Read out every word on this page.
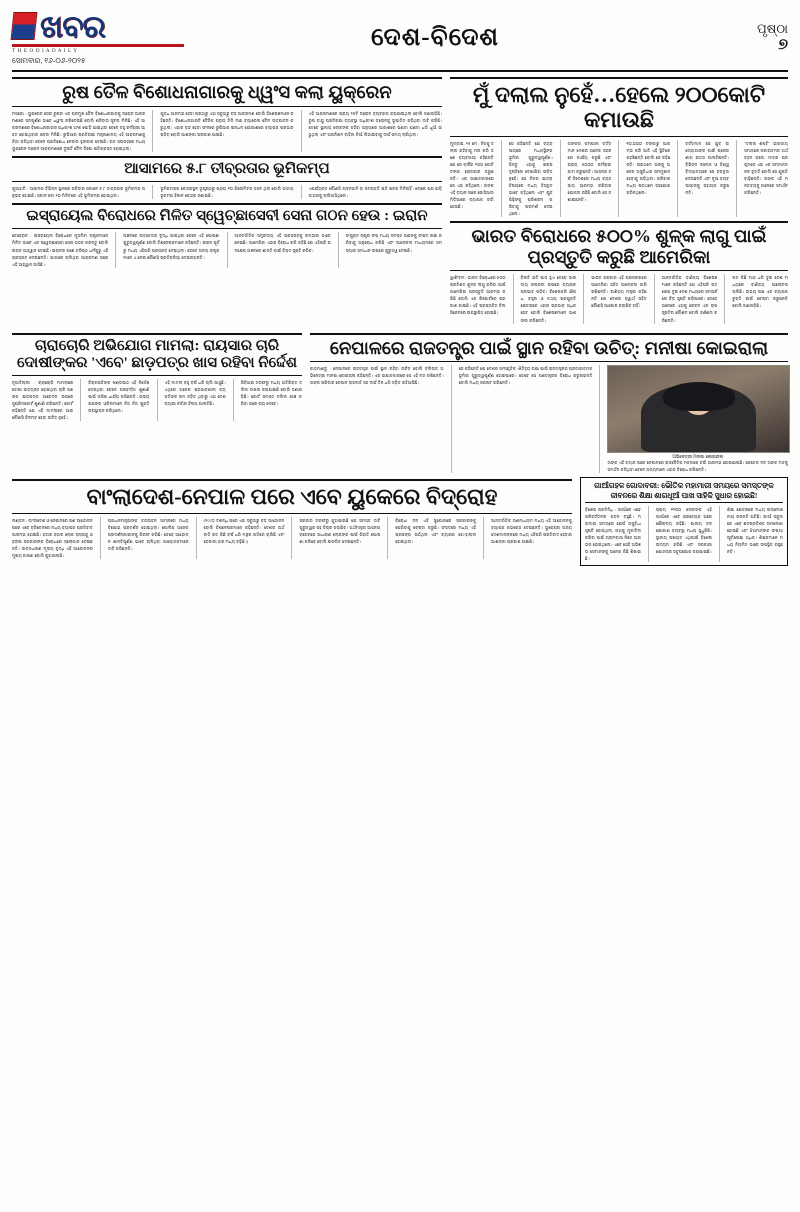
ଖବର
T H E O D I A D A I L Y
ସୋମବାର, ୧୬-୦୬-୨୦୨୫
ଦେଶ-ବିଦେଶ	ପୃଷ୍ଠା
୭
ରୁଷ ତୈଳ ବିଶୋଧନାଗାରକୁ ଧ୍ୱଂସ କଲା ୟୁକ୍ରେନ
ମସ୍କୋ : ୟୁକ୍ରେନ ସେନା ରୁଷର ଏକ ପ୍ରମୁଖ ତୈଳ ବିଶୋଧନାଗାରକୁ ଡ୍ରୋନ ଆକ୍ରମଣରେ ସମ୍ପୂର୍ଣ୍ଣ ଭାବେ ଧ୍ୱଂସ କରିଦେଇଛି ବୋଲି ଶନିବାର ସୂଚନା ମିଳିଛି। ଏହି ଆକ୍ରମଣରେ ବିଶୋଧନାଗାରର ଅଧିକାଂଶ ଅଂଶ ପୋଡ଼ି ଯାଇଥିବା ବେଳେ ବହୁ କର୍ମଚାରୀ ଆହତ ହୋଇଥିବାର ଖବର ମିଳିଛି। ରୁଷିଆର ପ୍ରତିରକ୍ଷା ମନ୍ତ୍ରଣାଳୟ ଏହି ଆକ୍ରମଣକୁ ନିନ୍ଦା କରିଥିବା ବେଳେ ପ୍ରତିଶୋଧ ନେବାର ହୁଙ୍କାର ଦେଇଛି। ଗତ ସପ୍ତାହରେ ମଧ୍ୟ ୟୁକ୍ରେନ ଡ୍ରୋନ ଆକ୍ରମଣରେ ଦୁଇଟି ତୈଳ ଡିପୋ କ୍ଷତିଗ୍ରସ୍ତ ହୋଇଥିଲା।
ଯୁଦ୍ଧ ଆରମ୍ଭ ହେବା ପରଠାରୁ ଏହା ସବୁଠାରୁ ବଡ଼ ଆକ୍ରମଣ ବୋଲି ବିଶେଷଜ୍ଞମାନେ କହିଛନ୍ତି। ବିଶୋଧନାଗାରଟି ଦୈନିକ ପ୍ରାୟ ତିନି ଲକ୍ଷ ବ୍ୟାରେଲ ତୈଳ ଉତ୍ପାଦନ କରୁଥିଲା। ଏହାର ବନ୍ଦ ହେବା ଫଳରେ ରୁଷିଆର ଇନ୍ଧନ ଯୋଗାଣରେ ବ୍ୟାପକ ପ୍ରଭାବ ପଡ଼ିବ ବୋଲି ଆଶଙ୍କା ପ୍ରକାଶ ପାଇଛି।
ଏହି ଆକ୍ରମଣରେ ପ୍ରାୟ ୨୫ଟି ଡ୍ରୋନ ବ୍ୟବହାର କରାଯାଇଥିଲା ବୋଲି ଜଣାପଡ଼ିଛି। ରୁଷ ବାୟୁ ପ୍ରତିରକ୍ଷା ବ୍ୟବସ୍ଥା ଅଧିକାଂଶ ଡ୍ରୋନକୁ ଭୂପାତିତ କରିଥିବା ଦାବି କରିଛି। ତେବେ ସ୍ଥାନୀୟ ଲୋକଙ୍କ କହିବା ଅନୁସାରେ ଆକାଶରେ ଘଣ୍ଟା ଘଣ୍ଟା ଧରି ଧୂଆଁ ଉଠୁଥିଲା ଏବଂ ଅଗ୍ନିଶମ ବାହିନୀ ନିଆଁ ଲିଭାଇବାକୁ ଦୀର୍ଘ ସମୟ ଲାଗିଥିଲା।
ଆସାମରେ ୫.୮ ତୀବ୍ରତାର ଭୂମିକମ୍ପ
ଗୁଆହାଟି : ଆସାମର ବିଭିନ୍ନ ସ୍ଥାନରେ ରବିବାର ସକାଳେ ୫.୮ ତୀବ୍ରତାର ଭୂମିକମ୍ପ ଅନୁଭବ ହୋଇଛି। ସକାଳ ୭ଟା ୨୦ ମିନିଟରେ ଏହି ଭୂମିକମ୍ପ ହୋଇଥିଲା।
ଭୂମିକମ୍ପର କେନ୍ଦ୍ରସ୍ଥଳ ଭୂପୃଷ୍ଠରୁ ପ୍ରାୟ ୧୦ କିଲୋମିଟର ତଳେ ଥିଲା ବୋଲି ଜାତୀୟ ଭୂକମ୍ପ ବିଜ୍ଞାନ କେନ୍ଦ୍ର ଜଣାଇଛି।
ଏପର୍ଯ୍ୟନ୍ତ କୌଣସି ଜୀବନହାନି ବା ସମ୍ପତ୍ତି କ୍ଷତି ଖବର ମିଳିନାହିଁ। ଲୋକେ ଘର ଛାଡ଼ି ବାହାରକୁ ଚାଲିଆସିଥିଲେ।
ଇସ୍ରାୟେଲ ବିରୋଧରେ ମିଳିତ ସ୍ୱେଚ୍ଛାସେବୀ ସେନା ଗଠନ ହେଉ : ଇରାନ
ତେହେରାନ : ଇସ୍ରାୟେଲ ବିରୋଧରେ ମୁସଲିମ ରାଷ୍ଟ୍ରମାନେ ମିଳିତ ଭାବେ ଏକ ସ୍ୱେଚ୍ଛାସେବୀ ସେନା ଗଠନ କରନ୍ତୁ ବୋଲି ଇରାନ ଆହ୍ୱାନ ଦେଇଛି। ଇରାନର ଜଣେ ବରିଷ୍ଠ ଧର୍ମଗୁରୁ ଏହି ପ୍ରସ୍ତାବ ଦେଇଛନ୍ତି। ଗାଜାରେ ଚାଲିଥିବା ଆକ୍ରମଣ ପରେ ଏହି ଆହ୍ୱାନ ଆସିଛି।
ଅଞ୍ଚଳରେ ଉତ୍ତେଜନା ବୃଦ୍ଧି ପାଇଥିବା ବେଳେ ଏହି ଘୋଷଣା ଗୁରୁତ୍ୱପୂର୍ଣ୍ଣ ବୋଲି ବିଶ୍ଳେଷକମାନେ କହିଛନ୍ତି। ଇରାନ ପୂର୍ବରୁ ମଧ୍ୟ ଏହିପରି ପ୍ରସ୍ତାବ ଦେଇଥିଲା। ତେବେ ଅନ୍ୟ ରାଷ୍ଟ୍ରମାନେ ଏ ନେଇ କୌଣସି ପ୍ରତିକ୍ରିୟା ଦେଇନାହାନ୍ତି।
ଆନ୍ତର୍ଜାତିକ ସମ୍ପ୍ରଦାୟ ଏହି ପ୍ରସ୍ତାବକୁ ଗମ୍ଭୀର ଭାବେ ନେଇଛି। ଆମେରିକା ଏହାର ବିରୋଧ କରି କହିଛି ଯେ ଏହିପରି ପଦକ୍ଷେପ ଅଞ୍ଚଳରେ ଶାନ୍ତି ପାଇଁ ବିପଦ ସୃଷ୍ଟି କରିବ।
ସଂଯୁକ୍ତ ରାଷ୍ଟ୍ର ସଂଘ ମଧ୍ୟ ସମସ୍ତ ପକ୍ଷଙ୍କୁ ସଂଯମ ରକ୍ଷା କରିବାକୁ ଅନୁରୋଧ କରିଛି ଏବଂ ଆଲୋଚନା ମାଧ୍ୟମରେ ସମସ୍ୟାର ସମାଧାନ ଉପରେ ଗୁରୁତ୍ୱ ଦେଇଛି।
ମୁଁ ଦଲାଲ ନୁହେଁ…ହେଲେ ୨୦୦କୋଟି କମାଉଛି
ମୁମ୍ବାଇ, ୨୫ ମେ : ନିଜକୁ ଦଲାଲ କହିବାକୁ ମନା କରି ଜଣେ ବ୍ୟବସାୟୀ କହିଛନ୍ତି ଯେ ସେ ବାର୍ଷିକ ୨୦୦ କୋଟି ଟଙ୍କା ରୋଜଗାର କରୁଛନ୍ତି। ଏକ ସାକ୍ଷାତକାରରେ ସେ ଏହା କହିଥିଲେ। ତାଙ୍କ ଏହି ବୟାନ ପରେ ସୋସିଆଲ ମିଡ଼ିଆରେ ବ୍ୟାପକ ଚର୍ଚ୍ଚା ହେଉଛି।
ସେ କହିଛନ୍ତି ଯେ ବ୍ୟବସାୟରେ ମଧ୍ୟସ୍ଥିଙ୍କ ଭୂମିକା ଗୁରୁତ୍ୱପୂର୍ଣ୍ଣ। କିନ୍ତୁ ଏହାକୁ ଖରାପ ଦୃଷ୍ଟିରେ ଦେଖାଯିବା ଉଚିତ ନୁହେଁ। ସେ ନିଜର ଯାତ୍ରା ବିଷୟରେ ମଧ୍ୟ ବିସ୍ତୃତ ଭାବେ କହିଥିଲେ ଏବଂ ଯୁବପିଢ଼ିଙ୍କୁ ପରିଶ୍ରମ କରିବାକୁ ପରାମର୍ଶ ଦେଇଥିଲେ।
ତାଙ୍କର କମ୍ପାନୀ ବର୍ତ୍ତମାନ ଦେଶର ଅନେକ ସହରରେ କାର୍ଯ୍ୟ କରୁଛି ଏବଂ ପ୍ରାୟ ୫୦୦୦ କର୍ମଚାରୀ କାମ କରୁଛନ୍ତି। ଆସନ୍ତା ବର୍ଷ ବିଦେଶରେ ମଧ୍ୟ ବ୍ୟବସାୟ ଆରମ୍ଭ କରିବାର ଯୋଜନା ରହିଛି ବୋଲି ସେ ଜଣାଇଛନ୍ତି।
୧୦,୦୦୦ ଟଙ୍କାରୁ ଆରମ୍ଭ କରି ଆଜି ଏହି ସ୍ଥିତିରେ ପହଞ୍ଚିଛନ୍ତି ବୋଲି ସେ କହିଛନ୍ତି। ପ୍ରଥମେ ତାଙ୍କୁ ଅନେକ ଅସୁବିଧାର ସମ୍ମୁଖୀନ ହେବାକୁ ପଡ଼ିଥିଲା। ପରିବାର ମଧ୍ୟ ପ୍ରଥମେ ସହଯୋଗ କରିନଥିଲେ।
ବର୍ତ୍ତମାନ ସେ ଯୁବ ଉଦ୍ୟୋଗୀଙ୍କ ପାଇଁ ପ୍ରେରଣାର ଉତ୍ସ ପାଲଟିଛନ୍ତି। ବିଭିନ୍ନ କଲେଜ ଓ ବିଶ୍ୱବିଦ୍ୟାଳୟରେ ସେ ବକ୍ତୃତା ଦେଉଛନ୍ତି ଏବଂ ନୂଆ ବ୍ୟବସାୟୀଙ୍କୁ ସହାୟତା କରୁଛନ୍ତି।
"ଦଲାଲ ଶବ୍ଦଟି" ଭାରତୀୟ ସମାଜରେ ନକାରାତ୍ମକ ଅର୍ଥ ବହନ କରେ, ମାତ୍ର ପ୍ରକୃତରେ ଏହା ଏକ ସମ୍ମାନଜନକ ବୃତ୍ତି ବୋଲି ସେ ଯୁକ୍ତି ବାଢ଼ିଛନ୍ତି। ତାଙ୍କ ଏହି ମନ୍ତବ୍ୟକୁ ଅନେକେ ସମର୍ଥନ କରିଛନ୍ତି।
ଭାରତ ବିରୋଧରେ ୫୦୦% ଶୁଳ୍କ ଲାଗୁ ପାଇଁ ପ୍ରସ୍ତୁତି କରୁଛି ଆମେରିକା
ୱାଶିଂଟନ : ଭାରତ ବିରୋଧରେ ୫୦୦ ପ୍ରତିଶତ ଶୁଳ୍କ ଲାଗୁ କରିବା ପାଇଁ ଆମେରିକା ପ୍ରସ୍ତୁତି ଆରମ୍ଭ କରିଛି ବୋଲି ଏକ ରିପୋର୍ଟରେ ପ୍ରକାଶ ପାଇଛି। ଏହି ପ୍ରସ୍ତାବିତ ବିଲ ସିନେଟରେ ଉପସ୍ଥାପିତ ହୋଇଛି।
ବିଲଟି ଯଦି ପାସ ହୁଏ ତେବେ ଭାରତୀୟ ରପ୍ତାନୀ ଉପରେ ବ୍ୟାପକ ପ୍ରଭାବ ପଡ଼ିବ। ବିଶେଷକରି ଔଷଧ, ବସ୍ତ୍ର ଓ ତଥ୍ୟ ପ୍ରଯୁକ୍ତି କ୍ଷେତ୍ରରେ ଏହାର ପ୍ରଭାବ ଅଧିକ ହେବ ବୋଲି ବିଶେଷଜ୍ଞମାନେ ଆଶଙ୍କା କରିଛନ୍ତି।
ଭାରତ ସରକାର ଏହି ପ୍ରସଙ୍ଗରେ ଆମେରିକା ସହିତ ଆଲୋଚନା ଜାରି ରଖିଛନ୍ତି। ବାଣିଜ୍ୟ ମନ୍ତ୍ରୀ କହିଛନ୍ତି ଯେ ଦେଶର ସ୍ୱାର୍ଥ ସହିତ କୌଣସି ଆପୋଷ କରାଯିବ ନାହିଁ।
ଆନ୍ତର୍ଜାତିକ ବାଣିଜ୍ୟ ବିଶେଷଜ୍ଞମାନେ କହିଛନ୍ତି ଯେ ଏହିପରି ପଦକ୍ଷେପ ଦୁଇ ଦେଶ ମଧ୍ୟରେ ସମ୍ପର୍କରେ ଚିଡ଼ ସୃଷ୍ଟି କରିପାରେ। ତେବେ ଅନେକେ ଏହାକୁ କେବଳ ଏକ ଚାପ ସୃଷ୍ଟିର କୌଶଳ ବୋଲି ବର୍ଣ୍ଣନା କରିଛନ୍ତି।
ଗତ କିଛି ମାସ ଧରି ଦୁଇ ଦେଶ ମଧ୍ୟରେ ବାଣିଜ୍ୟ ଆଲୋଚନା ଚାଲିଛି। ଉଭୟ ପକ୍ଷ ଏକ ବ୍ୟାପକ ଚୁକ୍ତି ପାଇଁ ଚେଷ୍ଟା କରୁଛନ୍ତି ବୋଲି ଜଣାପଡ଼ିଛି।
ଚାରାଚୋରି ଅଭିଯୋଗ ମାମଲା: ରାୟସାର ଚାରି ଦୋଷୀଙ୍କର 'ଏବେ' ଛାଡ଼ପତ୍ର ଖାସ ରହିବା ନିର୍ଦ୍ଦେଶ
ନୂଆଦିଲ୍ଲୀ : ଚାରାଚୋରି ମାମଲାରେ ଦୋଷୀ ସାବ୍ୟସ୍ତ ହୋଇଥିବା ଚାରି ଜଣଙ୍କ ଛାଡ଼ପତ୍ର ଆବେଦନ ଉପରେ ସୁପ୍ରିମକୋର୍ଟ ଶୁଣାଣି କରିଛନ୍ତି। କୋର୍ଟ କହିଛନ୍ତି ଯେ ଏହି ମାମଲାରେ ଆଉ କୌଣସି ବିଳମ୍ବ ହେବା ଉଚିତ ନୁହେଁ।
ବିଚାରପତିଙ୍କ ଖଣ୍ଡପୀଠ ଏହି ନିର୍ଦ୍ଦେଶ ଦେଇଥିବା ବେଳେ ପରବର୍ତ୍ତୀ ଶୁଣାଣି ପାଇଁ ତାରିଖ ଧାର୍ଯ୍ୟ କରିଛନ୍ତି। ଉଭୟ ପକ୍ଷଙ୍କ ଓକିଲମାନେ ନିଜ ନିଜ ଯୁକ୍ତି ଉପସ୍ଥାପନ କରିଥିଲେ।
ଏହି ମାମଲା ବହୁ ବର୍ଷ ଧରି ଚାଲି ଆସୁଛି। ଏଥିରେ ଅନେକ ପ୍ରଭାବଶାଳୀ ବ୍ୟକ୍ତିଙ୍କ ନାମ ଜଡ଼ିତ ଥିବାରୁ ଏହା ଦେଶବ୍ୟାପୀ ଚର୍ଚ୍ଚାର ବିଷୟ ପାଲଟିଛି।
ସିବିଆଇ ତରଫରୁ ମଧ୍ୟ ଅତିରିକ୍ତ ଦଲିଲ ଦାଖଲ କରାଯାଇଛି ବୋଲି ଜଣାପଡ଼ିଛି। କୋର୍ଟ ସମସ୍ତ ଦଲିଲ ଯାଞ୍ଚ କରିବା ପରେ ରାୟ ଦେବେ।
ନେପାଳରେ ରାଜତନ୍ତ୍ର ପାଇଁ ସ୍ଥାନ ରହିବା ଉଚିତ୍: ମନୀଷା କୋଇରାଲା
କାଠମାଣ୍ଡୁ : ନେପାଳରେ ରାଜତନ୍ତ୍ର ପାଇଁ ସ୍ଥାନ ରହିବା ଉଚିତ ବୋଲି ବଲିଉଡ ଅଭିନେତ୍ରୀ ମନୀଷା କୋଇରାଲା କହିଛନ୍ତି। ଏକ ସାକ୍ଷାତକାରରେ ସେ ଏହି ମତ ରଖିଛନ୍ତି। ତାଙ୍କ ପରିବାର ନେପାଳ ରାଜନୀତି ସହ ଦୀର୍ଘ ଦିନ ଧରି ଜଡ଼ିତ ରହିଆସିଛି।
ସେ କହିଛନ୍ତି ଯେ ଦେଶର ସାଂସ୍କୃତିକ ଐତିହ୍ୟ ରକ୍ଷା ପାଇଁ ରାଜତନ୍ତ୍ରର ପ୍ରତୀକାତ୍ମକ ଭୂମିକା ଗୁରୁତ୍ୱପୂର୍ଣ୍ଣ ହୋଇପାରେ। ତେବେ ସେ ଗଣତନ୍ତ୍ରର ବିରୋଧ କରୁନାହାନ୍ତି ବୋଲି ମଧ୍ୟ ସ୍ପଷ୍ଟ କରିଛନ୍ତି।
ଅଭିନେତ୍ରୀ ମନୀଷା କୋଇରାଲା
ତାଙ୍କ ଏହି ବୟାନ ପରେ ନେପାଳରେ ରାଜନୈତିକ ମହଲରେ ଚର୍ଚ୍ଚା ଆରମ୍ଭ ହୋଇଯାଇଛି। କେତେକ ଦଳ ତାଙ୍କ ମତକୁ ସମର୍ଥନ କରିଥିବା ବେଳେ ଅନ୍ୟମାନେ ଏହାର ବିରୋଧ କରିଛନ୍ତି।
ବାଂଲାଦେଶ-ନେପାଳ ପରେ ଏବେ ୟୁକେରେ ବିଦ୍ରୋହ
ଲଣ୍ଡନ : ବାଂଲାଦେଶ ଓ ନେପାଳରେ ଗଣ ଆନ୍ଦୋଳନ ପରେ ଏବେ ବ୍ରିଟେନରେ ମଧ୍ୟ ବ୍ୟାପକ ପ୍ରତିବାଦ ଆରମ୍ଭ ହୋଇଛି। ହଜାର ହଜାର ଲୋକ ରାସ୍ତାକୁ ଓହ୍ଲାଇ ସରକାରଙ୍କ ବିରୋଧରେ ସ୍ଲୋଗାନ ଦେଇଛନ୍ତି। ଜୀବନଧାରଣ ମୂଲ୍ୟ ବୃଦ୍ଧି ଏହି ଆନ୍ଦୋଳନର ମୁଖ୍ୟ କାରଣ ବୋଲି କୁହାଯାଉଛି।
ପ୍ରଧାନମନ୍ତ୍ରୀଙ୍କ ବାସଭବନ ସାମ୍ନାରେ ମଧ୍ୟ ବିକ୍ଷୋଭ ପ୍ରଦର୍ଶନ ହୋଇଥିଲା। ପୋଲିସ ଅନେକ ପ୍ରଦର୍ଶନକାରୀଙ୍କୁ ଗିରଫ କରିଛି। ତେବେ ଆନ୍ଦୋଳନ ଶାନ୍ତିପୂର୍ଣ୍ଣ ଭାବେ ଚାଲିଥିବା ଆୟୋଜକମାନେ ଦାବି କରିଛନ୍ତି।
(୧୯୯୦ ଦଶନ୍ଧି ପରେ ଏହା ସବୁଠାରୁ ବଡ଼ ଆନ୍ଦୋଳନ ବୋଲି ବିଶ୍ଳେଷକମାନେ କହିଛନ୍ତି। ଦେଶର ଅର୍ଥନୀତି ଗତ କିଛି ବର୍ଷ ଧରି ମନ୍ଥର ଗତିରେ ଚାଲିଛି ଏବଂ ବେକାରୀ ହାର ମଧ୍ୟ ବଢ଼ିଛି।)
ସରକାର ତରଫରୁ କୁହାଯାଇଛି ଯେ ସମସ୍ତ ଦାବି ଗୁରୁତ୍ୱର ସହ ବିଚାର କରାଯିବ। ଅର୍ଥମନ୍ତ୍ରୀ ଆସନ୍ତା ବଜେଟରେ ସାଧାରଣ ଲୋକଙ୍କ ପାଇଁ ରିହାତି ଘୋଷଣା କରିବେ ବୋଲି ଇଙ୍ଗିତ ଦେଇଛନ୍ତି।
ବିରୋଧୀ ଦଳ ଏହି ସୁଯୋଗରେ ସରକାରଙ୍କୁ ଘେରିବାକୁ ଚେଷ୍ଟା କରୁଛି। ସଂସଦରେ ମଧ୍ୟ ଏହି ପ୍ରସଙ୍ଗ ଉଠିଥିଲା ଏବଂ ବ୍ୟାପକ ହୋ-ହାଲ୍ଲା ହୋଇଥିଲା।
ଆନ୍ତର୍ଜାତିକ ଗଣମାଧ୍ୟମ ମଧ୍ୟ ଏହି ଆନ୍ଦୋଳନକୁ ବ୍ୟାପକ କଭରେଜ ଦେଉଛନ୍ତି। ୟୁରୋପର ଅନ୍ୟ ଦେଶମାନଙ୍କରେ ମଧ୍ୟ ଏହିପରି ପ୍ରତିବାଦ ହେବାର ଆଶଙ୍କା ପ୍ରକାଶ ପାଇଛି।
ଗାଆଁଗହଳ ଗୋଦାବରୀ: ଭୌତିକ ମହାମାରୀ ସମୟରେ ସମସ୍ତଙ୍କ ଜୀବନରେ ଶିକ୍ଷା ଶାଗଧୂଆଁ ପାଖ ସାହିକି ସୁଧାର ହୋଇଛି!
ବିଶେଷ ପ୍ରତିନିଧି : ଗାଆଁରେ ଏବେ ପରିବର୍ତ୍ତନର ପବନ ବହୁଛି। ମହାମାରୀ ସମୟରେ ଯେଉଁ ଅସୁବିଧା ସୃଷ୍ଟି ହୋଇଥିଲା, ତାହାକୁ ମୁକାବିଲା କରିବା ପାଇଁ ଗ୍ରାମବାସୀ ନିଜେ ଆଗଭର ହୋଇଥିଲେ। ଏବେ ସେହି ଅଭିଜ୍ଞତା ସେମାନଙ୍କୁ ଅନେକ କିଛି ଶିଖାଇଛି।
ପ୍ରାୟ ୧୨୦୦ ଲୋକଙ୍କ ଏହି ଗାଆଁରେ ଏବେ ପ୍ରତ୍ୟେକ ଘରେ ଶୌଚାଳୟ ରହିଛି। ପାନୀୟ ଜଳ ଯୋଗାଣ ବ୍ୟବସ୍ଥା ମଧ୍ୟ ସୁଧୁରିଛି। ସ୍ଥାନୀୟ ପଞ୍ଚାୟତ ଏଥିପାଇଁ ବିଶେଷ ଉଦ୍ୟମ କରିଛି ଏବଂ ସରକାରୀ ଯୋଜନାର ସଦୁପଯୋଗ କରାଯାଇଛି।
ଶିକ୍ଷା କ୍ଷେତ୍ରରେ ମଧ୍ୟ ଉଲ୍ଲେଖନୀୟ ଉନ୍ନତି ଘଟିଛି। ଗାଆଁ ସ୍କୁଲରେ ଏବେ ଶତପ୍ରତିଶତ ନାମଲେଖା ହୋଇଛି ଏବଂ ଝିଅମାନଙ୍କ ସଂଖ୍ୟା ପୂର୍ବାପେକ୍ଷା ଅଧିକ। ଶିକ୍ଷକମାନେ ମଧ୍ୟ ନିୟମିତ ଭାବେ ଉପସ୍ଥିତ ରହୁଛନ୍ତି।
